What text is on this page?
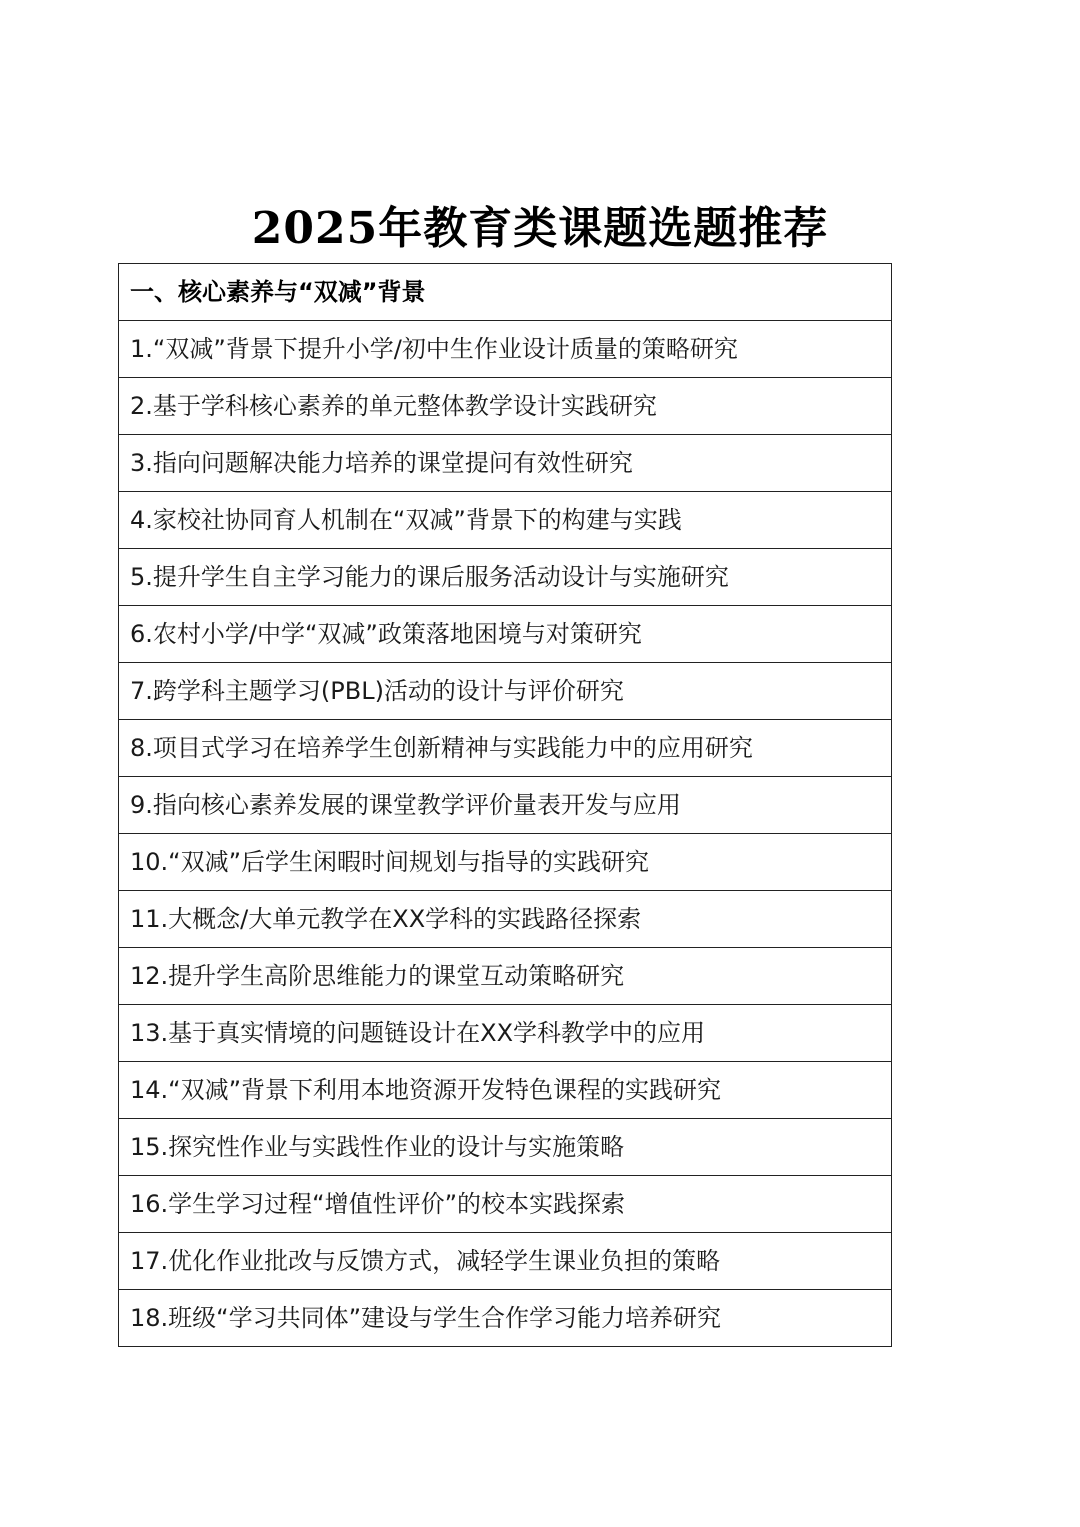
2025年教育类课题选题推荐
一、核心素养与“双减”背景
1.“双减”背景下提升小学/初中生作业设计质量的策略研究
2.基于学科核心素养的单元整体教学设计实践研究
3.指向问题解决能力培养的课堂提问有效性研究
4.家校社协同育人机制在“双减”背景下的构建与实践
5.提升学生自主学习能力的课后服务活动设计与实施研究
6.农村小学/中学“双减”政策落地困境与对策研究
7.跨学科主题学习(PBL)活动的设计与评价研究
8.项目式学习在培养学生创新精神与实践能力中的应用研究
9.指向核心素养发展的课堂教学评价量表开发与应用
10.“双减”后学生闲暇时间规划与指导的实践研究
11.大概念/大单元教学在XX学科的实践路径探索
12.提升学生高阶思维能力的课堂互动策略研究
13.基于真实情境的问题链设计在XX学科教学中的应用
14.“双减”背景下利用本地资源开发特色课程的实践研究
15.探究性作业与实践性作业的设计与实施策略
16.学生学习过程“增值性评价”的校本实践探索
17.优化作业批改与反馈方式，减轻学生课业负担的策略
18.班级“学习共同体”建设与学生合作学习能力培养研究
